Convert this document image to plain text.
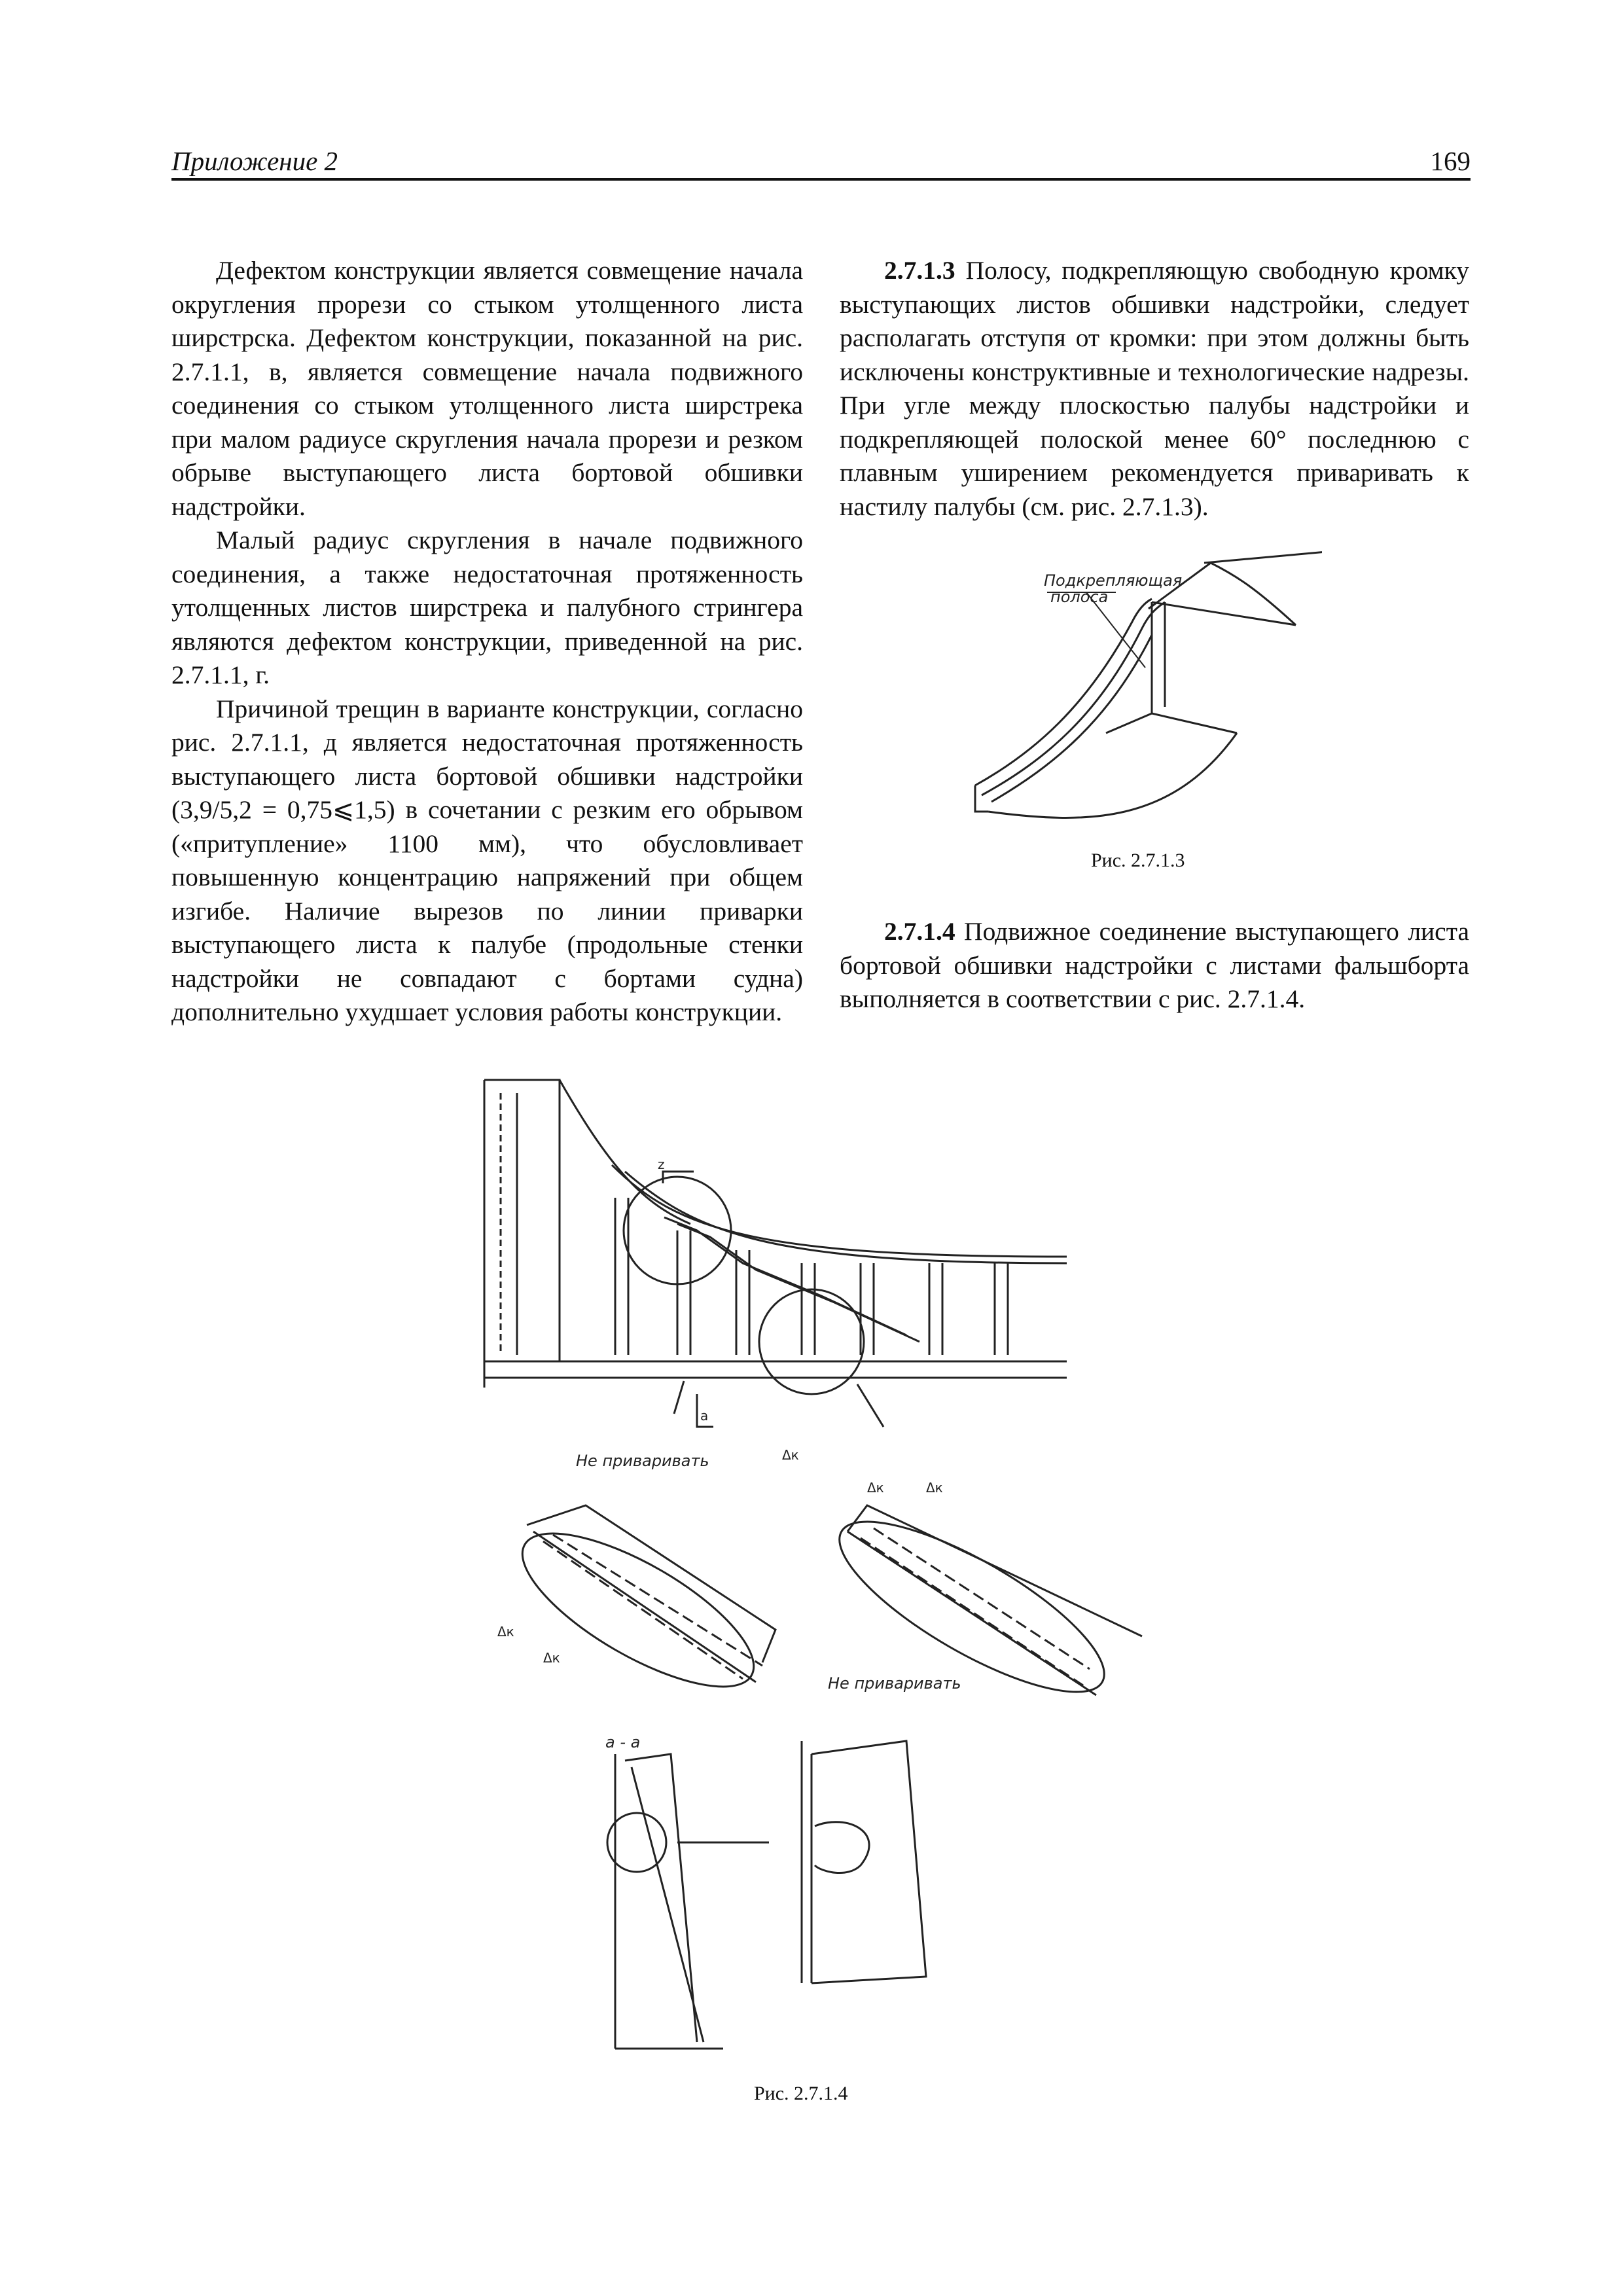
Приложение 2	169

Дефектом конструкции является совмещение начала округления прорези со стыком утолщенного листа ширстрска. Дефектом конструкции, показанной на рис. 2.7.1.1, в, является совмещение начала подвижного соединения со стыком утолщенного листа ширстрека при малом радиусе скругления начала прорези и резком обрыве выступающего листа бортовой обшивки надстройки.

Малый радиус скругления в начале подвижного соединения, а также недостаточная протяженность утолщенных листов ширстрека и палубного стрингера являются дефектом конструкции, приведенной на рис. 2.7.1.1, г.

Причиной трещин в варианте конструкции, согласно рис. 2.7.1.1, д является недостаточная протяженность выступающего листа бортовой обшивки надстройки (3,9/5,2 = 0,75⩽1,5) в сочетании с резким его обрывом («притупление» 1100 мм), что обусловливает повышенную концентрацию напряжений при общем изгибе. Наличие вырезов по линии приварки выступающего листа к палубе (продольные стенки надстройки не совпадают с бортами судна) дополнительно ухудшает условия работы конструкции.

2.7.1.3 Полосу, подкрепляющую свободную кромку выступающих листов обшивки надстройки, следует располагать отступя от кромки: при этом должны быть исключены конструктивные и технологические надрезы. При угле между плоскостью палубы надстройки и подкрепляющей полоской менее 60° последнюю с плавным уширением рекомендуется приваривать к настилу палубы (см. рис. 2.7.1.3).

Подкрепляющая
полоса
Рис. 2.7.1.3

2.7.1.4 Подвижное соединение выступающего листа бортовой обшивки надстройки с листами фальшборта выполняется в соответствии с рис. 2.7.1.4.

z
a
Не приваривать
Не приваривать
Δк
Δк
Δк
Δк	Δк
a - a
Рис. 2.7.1.4
